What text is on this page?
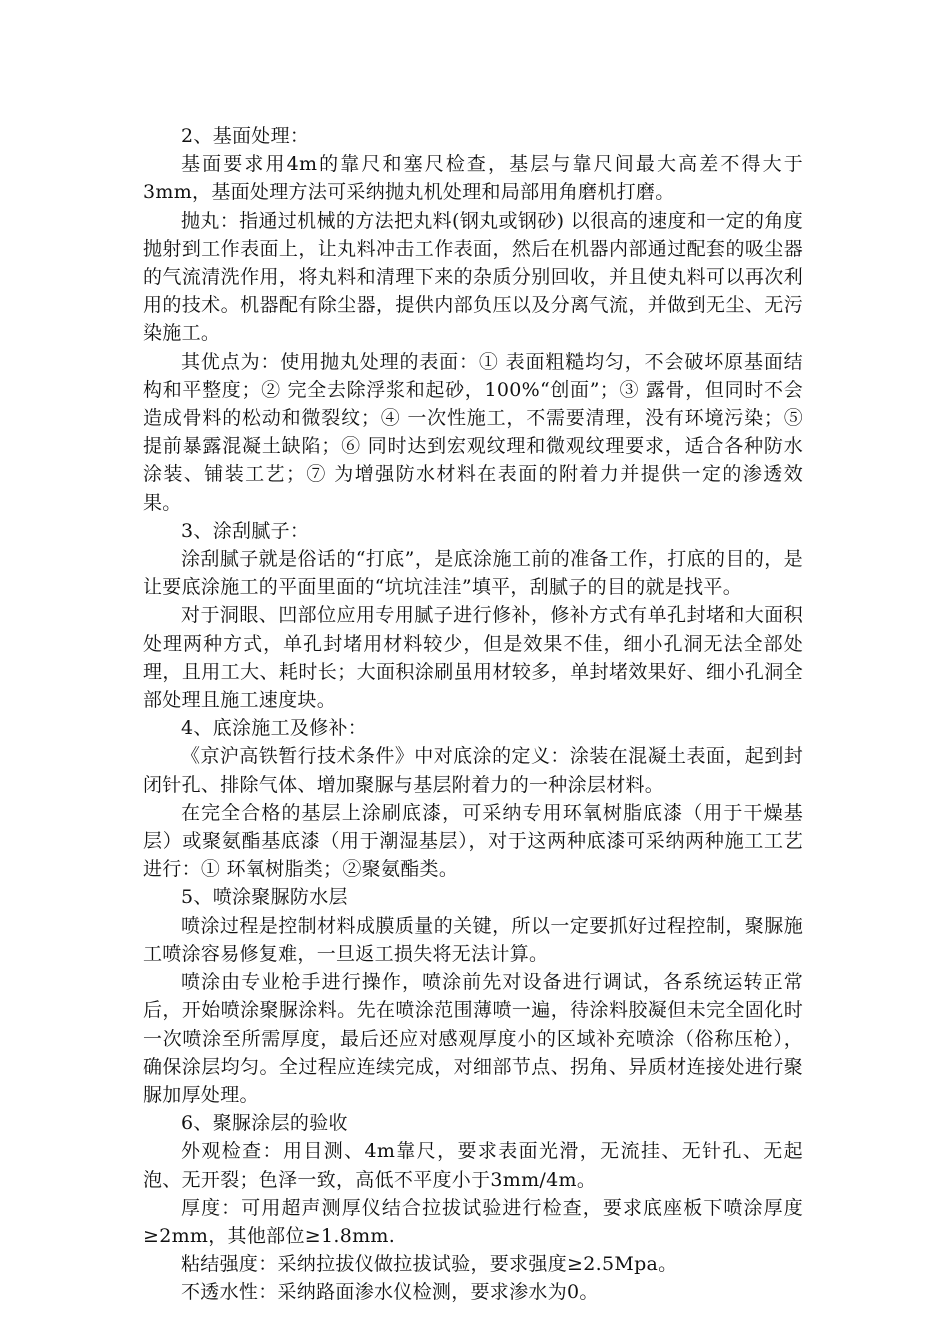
2、基面处理：

基面要求用4m的靠尺和塞尺检查，基层与靠尺间最大高差不得大于3mm，基面处理方法可采纳抛丸机处理和局部用角磨机打磨。

抛丸：指通过机械的方法把丸料(钢丸或钢砂) 以很高的速度和一定的角度抛射到工作表面上，让丸料冲击工作表面，然后在机器内部通过配套的吸尘器的气流清洗作用，将丸料和清理下来的杂质分别回收，并且使丸料可以再次利用的技术。机器配有除尘器，提供内部负压以及分离气流，并做到无尘、无污染施工。

其优点为：使用抛丸处理的表面：① 表面粗糙均匀，不会破坏原基面结构和平整度；② 完全去除浮浆和起砂，100%“创面”；③ 露骨，但同时不会造成骨料的松动和微裂纹；④ 一次性施工，不需要清理，没有环境污染；⑤ 提前暴露混凝土缺陷；⑥ 同时达到宏观纹理和微观纹理要求，适合各种防水涂装、铺装工艺；⑦ 为增强防水材料在表面的附着力并提供一定的渗透效果。

3、涂刮腻子：

涂刮腻子就是俗话的“打底”，是底涂施工前的准备工作，打底的目的，是让要底涂施工的平面里面的“坑坑洼洼”填平，刮腻子的目的就是找平。

对于洞眼、凹部位应用专用腻子进行修补，修补方式有单孔封堵和大面积处理两种方式，单孔封堵用材料较少，但是效果不佳，细小孔洞无法全部处理，且用工大、耗时长；大面积涂刷虽用材较多，单封堵效果好、细小孔洞全部处理且施工速度块。

4、底涂施工及修补：

《京沪高铁暂行技术条件》中对底涂的定义：涂装在混凝土表面，起到封闭针孔、排除气体、增加聚脲与基层附着力的一种涂层材料。

在完全合格的基层上涂刷底漆，可采纳专用环氧树脂底漆（用于干燥基层）或聚氨酯基底漆（用于潮湿基层），对于这两种底漆可采纳两种施工工艺进行：① 环氧树脂类；②聚氨酯类。

5、喷涂聚脲防水层

喷涂过程是控制材料成膜质量的关键，所以一定要抓好过程控制，聚脲施工喷涂容易修复难，一旦返工损失将无法计算。

喷涂由专业枪手进行操作，喷涂前先对设备进行调试，各系统运转正常后，开始喷涂聚脲涂料。先在喷涂范围薄喷一遍，待涂料胶凝但未完全固化时一次喷涂至所需厚度，最后还应对感观厚度小的区域补充喷涂（俗称压枪），确保涂层均匀。全过程应连续完成，对细部节点、拐角、异质材连接处进行聚脲加厚处理。

6、聚脲涂层的验收

外观检查：用目测、4m靠尺，要求表面光滑，无流挂、无针孔、无起泡、无开裂；色泽一致，高低不平度小于3mm/4m。

厚度：可用超声测厚仪结合拉拔试验进行检查，要求底座板下喷涂厚度≥2mm，其他部位≥1.8mm.

粘结强度：采纳拉拔仪做拉拔试验，要求强度≥2.5Mpa。

不透水性：采纳路面渗水仪检测，要求渗水为0。
